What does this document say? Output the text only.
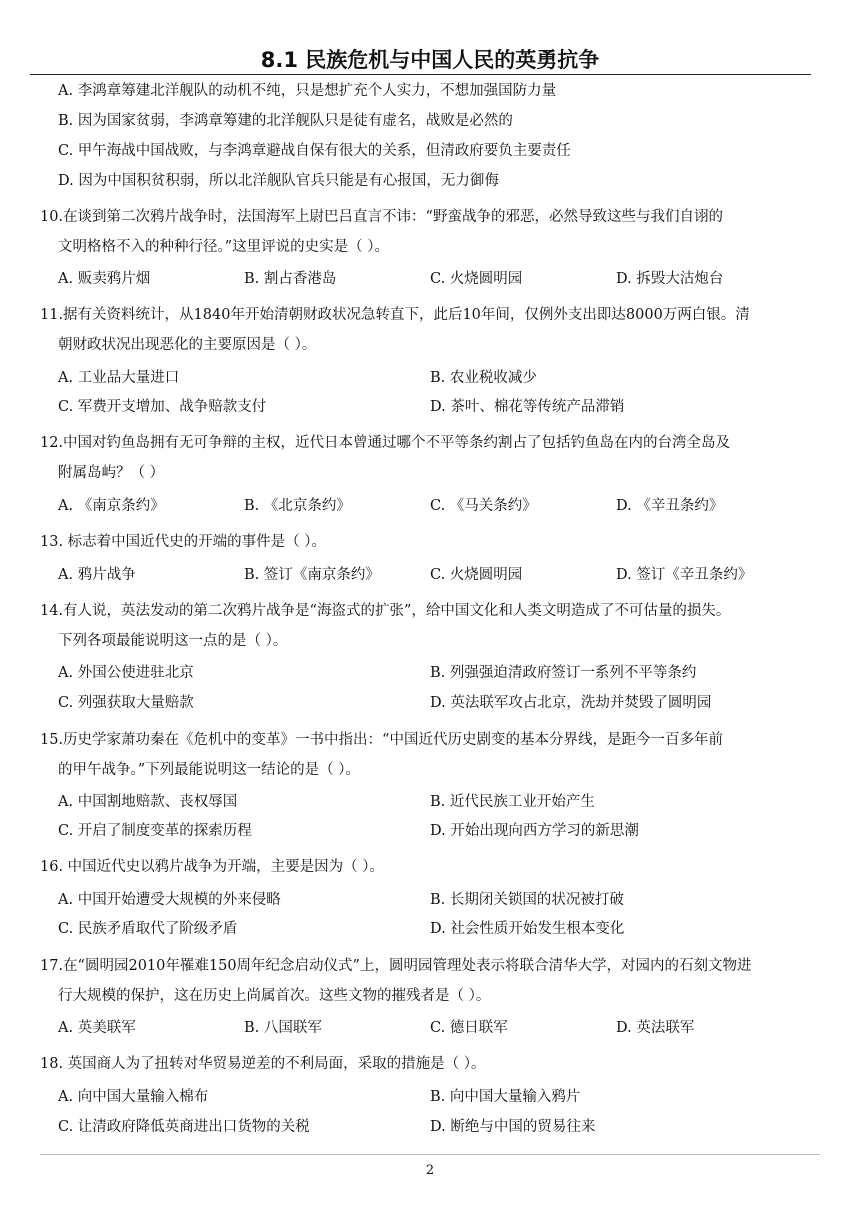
8.1 民族危机与中国人民的英勇抗争
A. 李鸿章筹建北洋舰队的动机不纯，只是想扩充个人实力，不想加强国防力量
B. 因为国家贫弱，李鸿章筹建的北洋舰队只是徒有虚名，战败是必然的
C. 甲午海战中国战败，与李鸿章避战自保有很大的关系，但清政府要负主要责任
D. 因为中国积贫积弱，所以北洋舰队官兵只能是有心报国，无力御侮
10.在谈到第二次鸦片战争时，法国海军上尉巴吕直言不讳：“野蛮战争的邪恶，必然导致这些与我们自诩的
文明格格不入的种种行径。”这里评说的史实是（ ）。
A. 贩卖鸦片烟	B. 割占香港岛	C. 火烧圆明园	D. 拆毁大沽炮台
11.据有关资料统计，从1840年开始清朝财政状况急转直下，此后10年间，仅例外支出即达8000万两白银。清
朝财政状况出现恶化的主要原因是（ ）。
A. 工业品大量进口	B. 农业税收减少
C. 军费开支增加、战争赔款支付	D. 茶叶、棉花等传统产品滞销
12.中国对钓鱼岛拥有无可争辩的主权，近代日本曾通过哪个不平等条约割占了包括钓鱼岛在内的台湾全岛及
附属岛屿？（ ）
A. 《南京条约》	B. 《北京条约》	C. 《马关条约》	D. 《辛丑条约》
13. 标志着中国近代史的开端的事件是（ ）。
A. 鸦片战争	B. 签订《南京条约》	C. 火烧圆明园	D. 签订《辛丑条约》
14.有人说，英法发动的第二次鸦片战争是“海盗式的扩张”，给中国文化和人类文明造成了不可估量的损失。
下列各项最能说明这一点的是（ ）。
A. 外国公使进驻北京	B. 列强强迫清政府签订一系列不平等条约
C. 列强获取大量赔款	D. 英法联军攻占北京，洗劫并焚毁了圆明园
15.历史学家萧功秦在《危机中的变革》一书中指出：“中国近代历史剧变的基本分界线，是距今一百多年前
的甲午战争。”下列最能说明这一结论的是（ ）。
A. 中国割地赔款、丧权辱国	B. 近代民族工业开始产生
C. 开启了制度变革的探索历程	D. 开始出现向西方学习的新思潮
16. 中国近代史以鸦片战争为开端，主要是因为（ ）。
A. 中国开始遭受大规模的外来侵略	B. 长期闭关锁国的状况被打破
C. 民族矛盾取代了阶级矛盾	D. 社会性质开始发生根本变化
17.在“圆明园2010年罹难150周年纪念启动仪式”上，圆明园管理处表示将联合清华大学，对园内的石刻文物进
行大规模的保护，这在历史上尚属首次。这些文物的摧残者是（ ）。
A. 英美联军	B. 八国联军	C. 德日联军	D. 英法联军
18. 英国商人为了扭转对华贸易逆差的不利局面，采取的措施是（ ）。
A. 向中国大量输入棉布	B. 向中国大量输入鸦片
C. 让清政府降低英商进出口货物的关税	D. 断绝与中国的贸易往来
2
